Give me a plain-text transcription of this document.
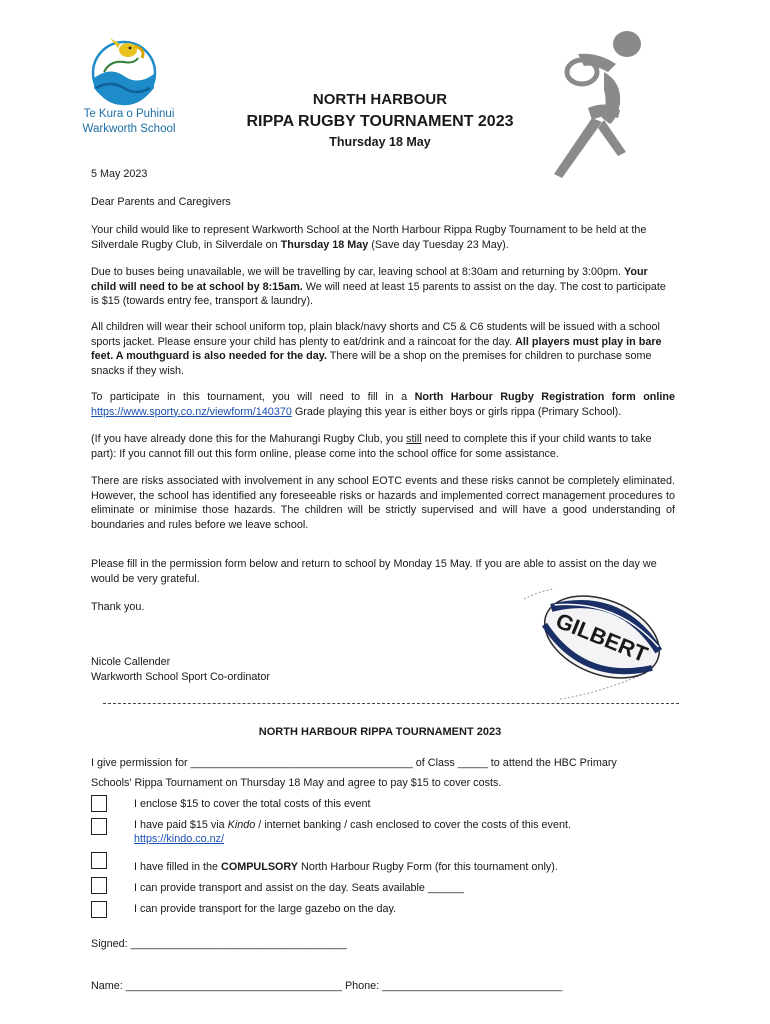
Te Kura o Puhinui
Warkworth School
NORTH HARBOUR
RIPPA RUGBY TOURNAMENT 2023
Thursday 18 May

5 May 2023

Dear Parents and Caregivers

Your child would like to represent Warkworth School at the North Harbour Rippa Rugby Tournament to be held at the Silverdale Rugby Club, in Silverdale on Thursday 18 May (Save day Tuesday 23 May).

Due to buses being unavailable, we will be travelling by car, leaving school at 8:30am and returning by 3:00pm. Your child will need to be at school by 8:15am. We will need at least 15 parents to assist on the day. The cost to participate is $15 (towards entry fee, transport & laundry).

All children will wear their school uniform top, plain black/navy shorts and C5 & C6 students will be issued with a school sports jacket. Please ensure your child has plenty to eat/drink and a raincoat for the day. All players must play in bare feet. A mouthguard is also needed for the day. There will be a shop on the premises for children to purchase some snacks if they wish.

To participate in this tournament, you will need to fill in a North Harbour Rugby Registration form online https://www.sporty.co.nz/viewform/140370 Grade playing this year is either boys or girls rippa (Primary School).

(If you have already done this for the Mahurangi Rugby Club, you still need to complete this if your child wants to take part): If you cannot fill out this form online, please come into the school office for some assistance.

There are risks associated with involvement in any school EOTC events and these risks cannot be completely eliminated. However, the school has identified any foreseeable risks or hazards and implemented correct management procedures to eliminate or minimise those hazards. The children will be strictly supervised and will have a good understanding of boundaries and rules before we leave school.

Please fill in the permission form below and return to school by Monday 15 May. If you are able to assist on the day we would be very grateful.

Thank you.

Nicole Callender

Warkworth School Sport Co-ordinator

GILBERT
NORTH HARBOUR RIPPA TOURNAMENT 2023

I give permission for _____________________________________ of Class _____ to attend the HBC Primary

Schools' Rippa Tournament on Thursday 18 May and agree to pay $15 to cover costs.

I enclose $15 to cover the total costs of this event
I have paid $15 via Kindo / internet banking / cash enclosed to cover the costs of this event.
https://kindo.co.nz/
I have filled in the COMPULSORY North Harbour Rugby Form (for this tournament only).
I can provide transport and assist on the day. Seats available ______
I can provide transport for the large gazebo on the day.

Signed: ____________________________________

Name: ____________________________________ Phone: ______________________________
